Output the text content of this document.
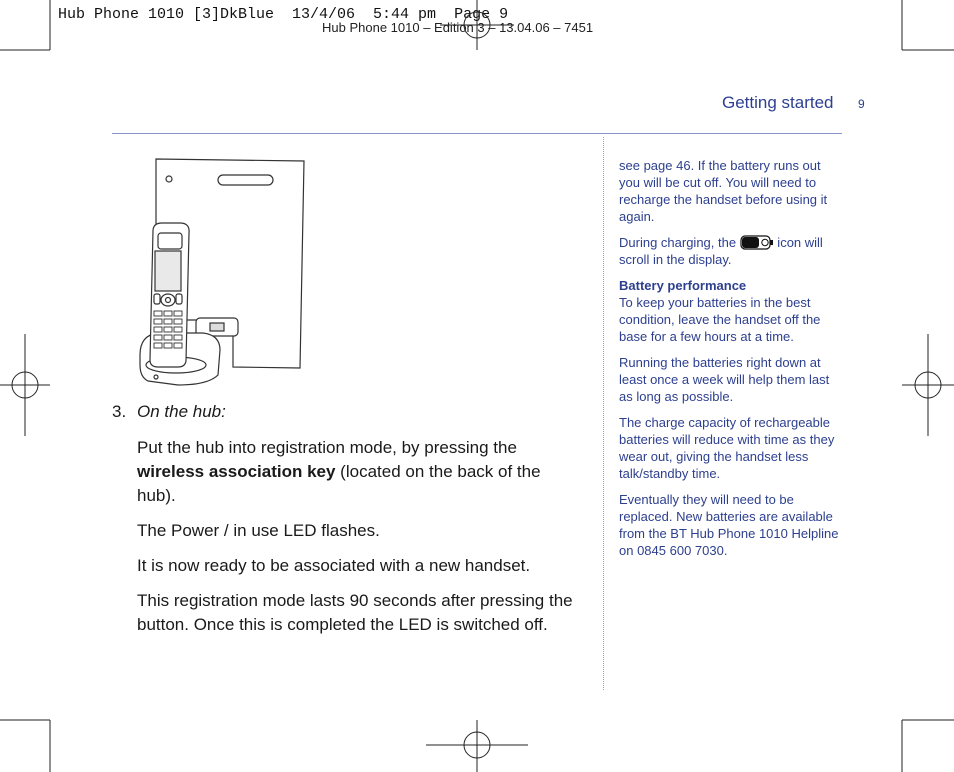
Hub Phone 1010 [3]DkBlue  13/4/06  5:44 pm  Page 9
Hub Phone 1010 – Edition 3 – 13.04.06 – 7451
Getting started 9
3. On the hub:

Put the hub into registration mode, by pressing the wireless association key (located on the back of the hub).

The Power / in use LED flashes.

It is now ready to be associated with a new handset.

This registration mode lasts 90 seconds after pressing the button. Once this is completed the LED is switched off.

see page 46. If the battery runs out you will be cut off. You will need to recharge the handset before using it again.

During charging, the	icon will scroll in the display.

Battery performance
To keep your batteries in the best condition, leave the handset off the base for a few hours at a time.

Running the batteries right down at least once a week will help them last as long as possible.

The charge capacity of rechargeable batteries will reduce with time as they wear out, giving the handset less talk/standby time.

Eventually they will need to be replaced. New batteries are available from the BT Hub Phone 1010 Helpline on 0845 600 7030.
